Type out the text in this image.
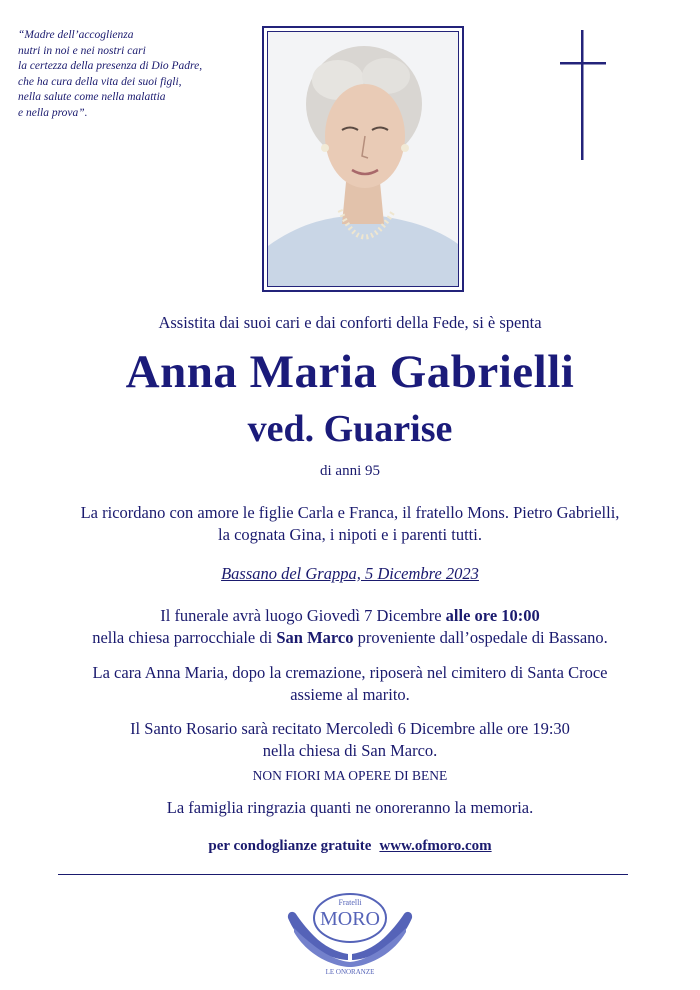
“Madre dell’accoglienza
nutri in noi e nei nostri cari
la certezza della presenza di Dio Padre,
che ha cura della vita dei suoi figli,
nella salute come nella malattia
e nella prova”.
Assistita dai suoi cari e dai conforti della Fede, si è spenta
Anna Maria Gabrielli
ved. Guarise
di anni 95
La ricordano con amore le figlie Carla e Franca, il fratello Mons. Pietro Gabrielli,
la cognata Gina, i nipoti e i parenti tutti.
Bassano del Grappa, 5 Dicembre 2023
Il funerale avrà luogo Giovedì 7 Dicembre alle ore 10:00
nella chiesa parrocchiale di San Marco proveniente dall’ospedale di Bassano.
La cara Anna Maria, dopo la cremazione, riposerà nel cimitero di Santa Croce
assieme al marito.
Il Santo Rosario sarà recitato Mercoledì 6 Dicembre alle ore 19:30
nella chiesa di San Marco.
NON FIORI MA OPERE DI BENE
La famiglia ringrazia quanti ne onoreranno la memoria.
per condoglianze gratuite www.ofmoro.com
Fratelli
MORO
LE ONORANZE
